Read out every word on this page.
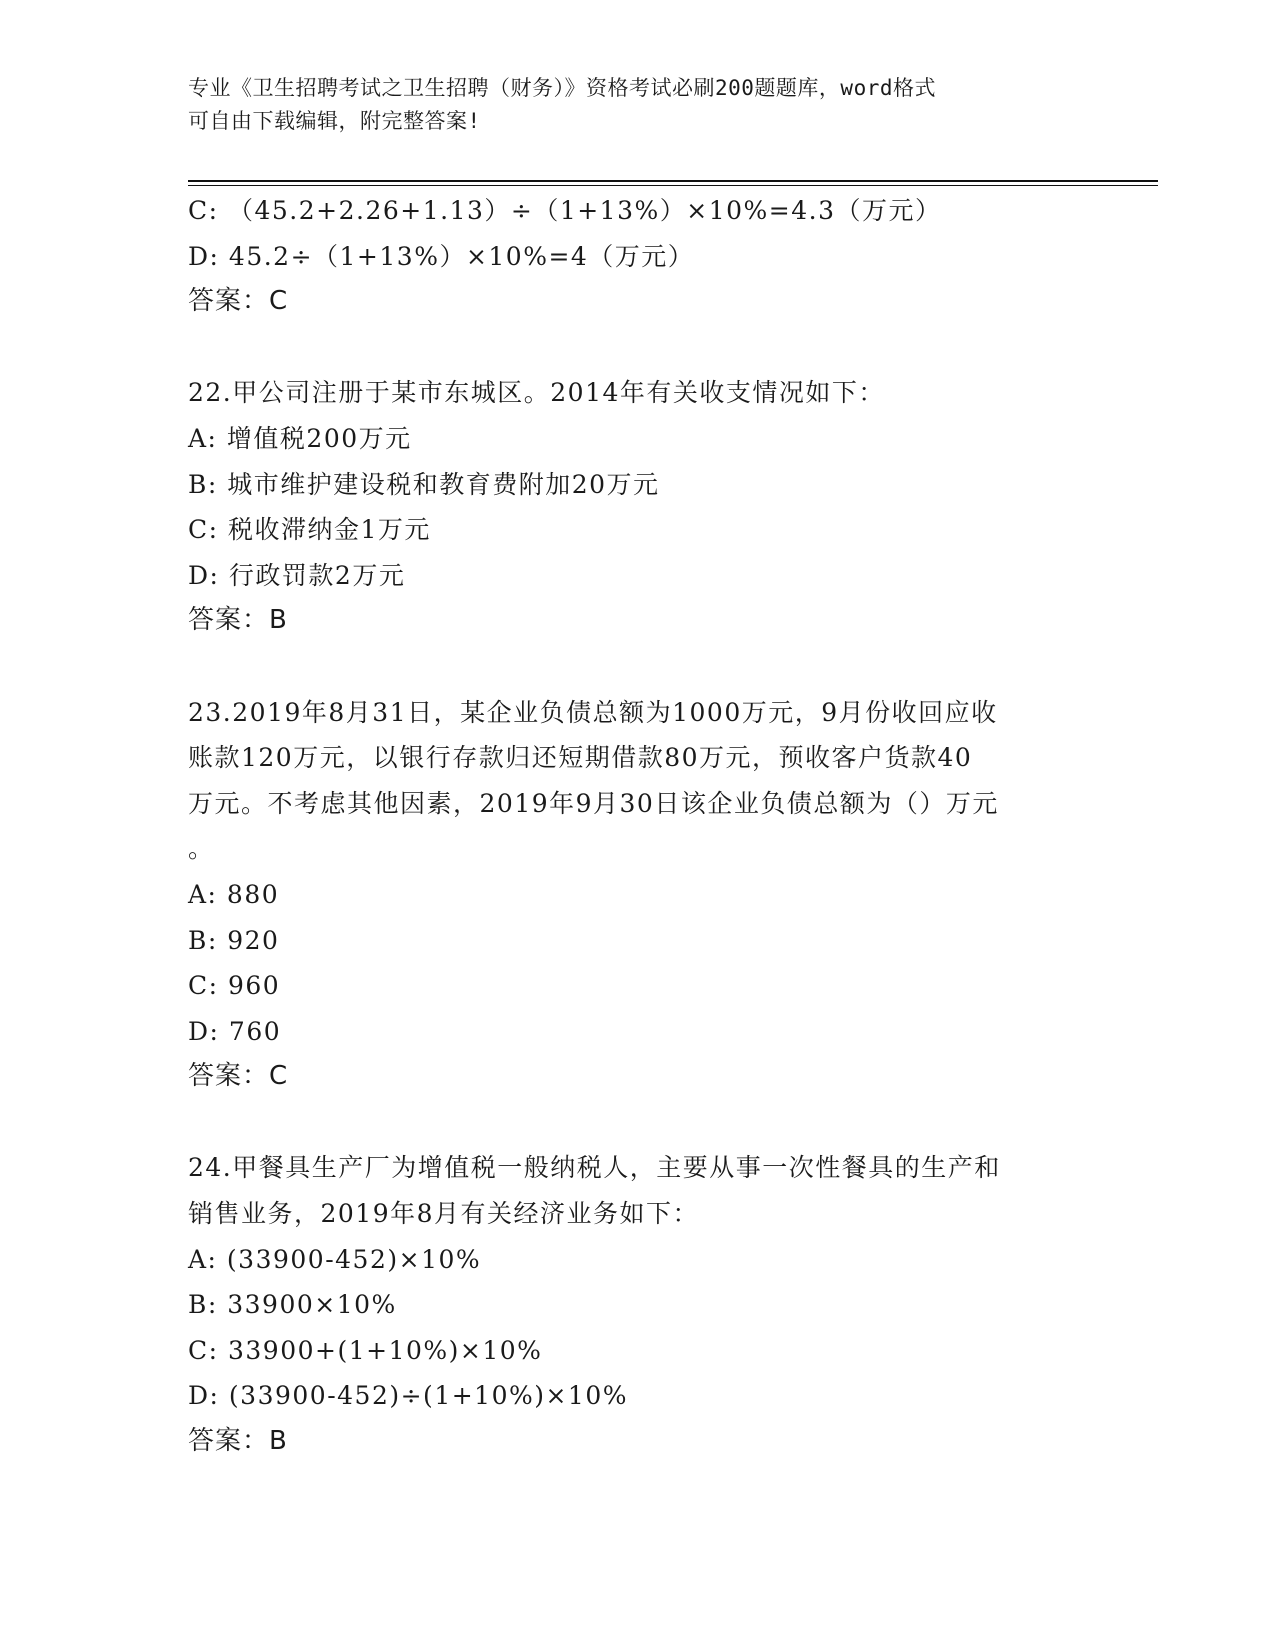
专业《卫生招聘考试之卫生招聘（财务）》资格考试必刷200题题库，word格式
可自由下载编辑，附完整答案!
C: （45.2+2.26+1.13）÷（1+13%）×10%=4.3（万元）
D: 45.2÷（1+13%）×10%=4（万元）
答案：C
22.甲公司注册于某市东城区。2014年有关收支情况如下：
A: 增值税200万元
B: 城市维护建设税和教育费附加20万元
C: 税收滞纳金1万元
D: 行政罚款2万元
答案：B
23.2019年8月31日，某企业负债总额为1000万元，9月份收回应收
账款120万元，以银行存款归还短期借款80万元，预收客户货款40
万元。不考虑其他因素，2019年9月30日该企业负债总额为（）万元
。
A: 880
B: 920
C: 960
D: 760
答案：C
24.甲餐具生产厂为增值税一般纳税人，主要从事一次性餐具的生产和
销售业务，2019年8月有关经济业务如下：
A: (33900-452)×10%
B: 33900×10%
C: 33900+(1+10%)×10%
D: (33900-452)÷(1+10%)×10%
答案：B
